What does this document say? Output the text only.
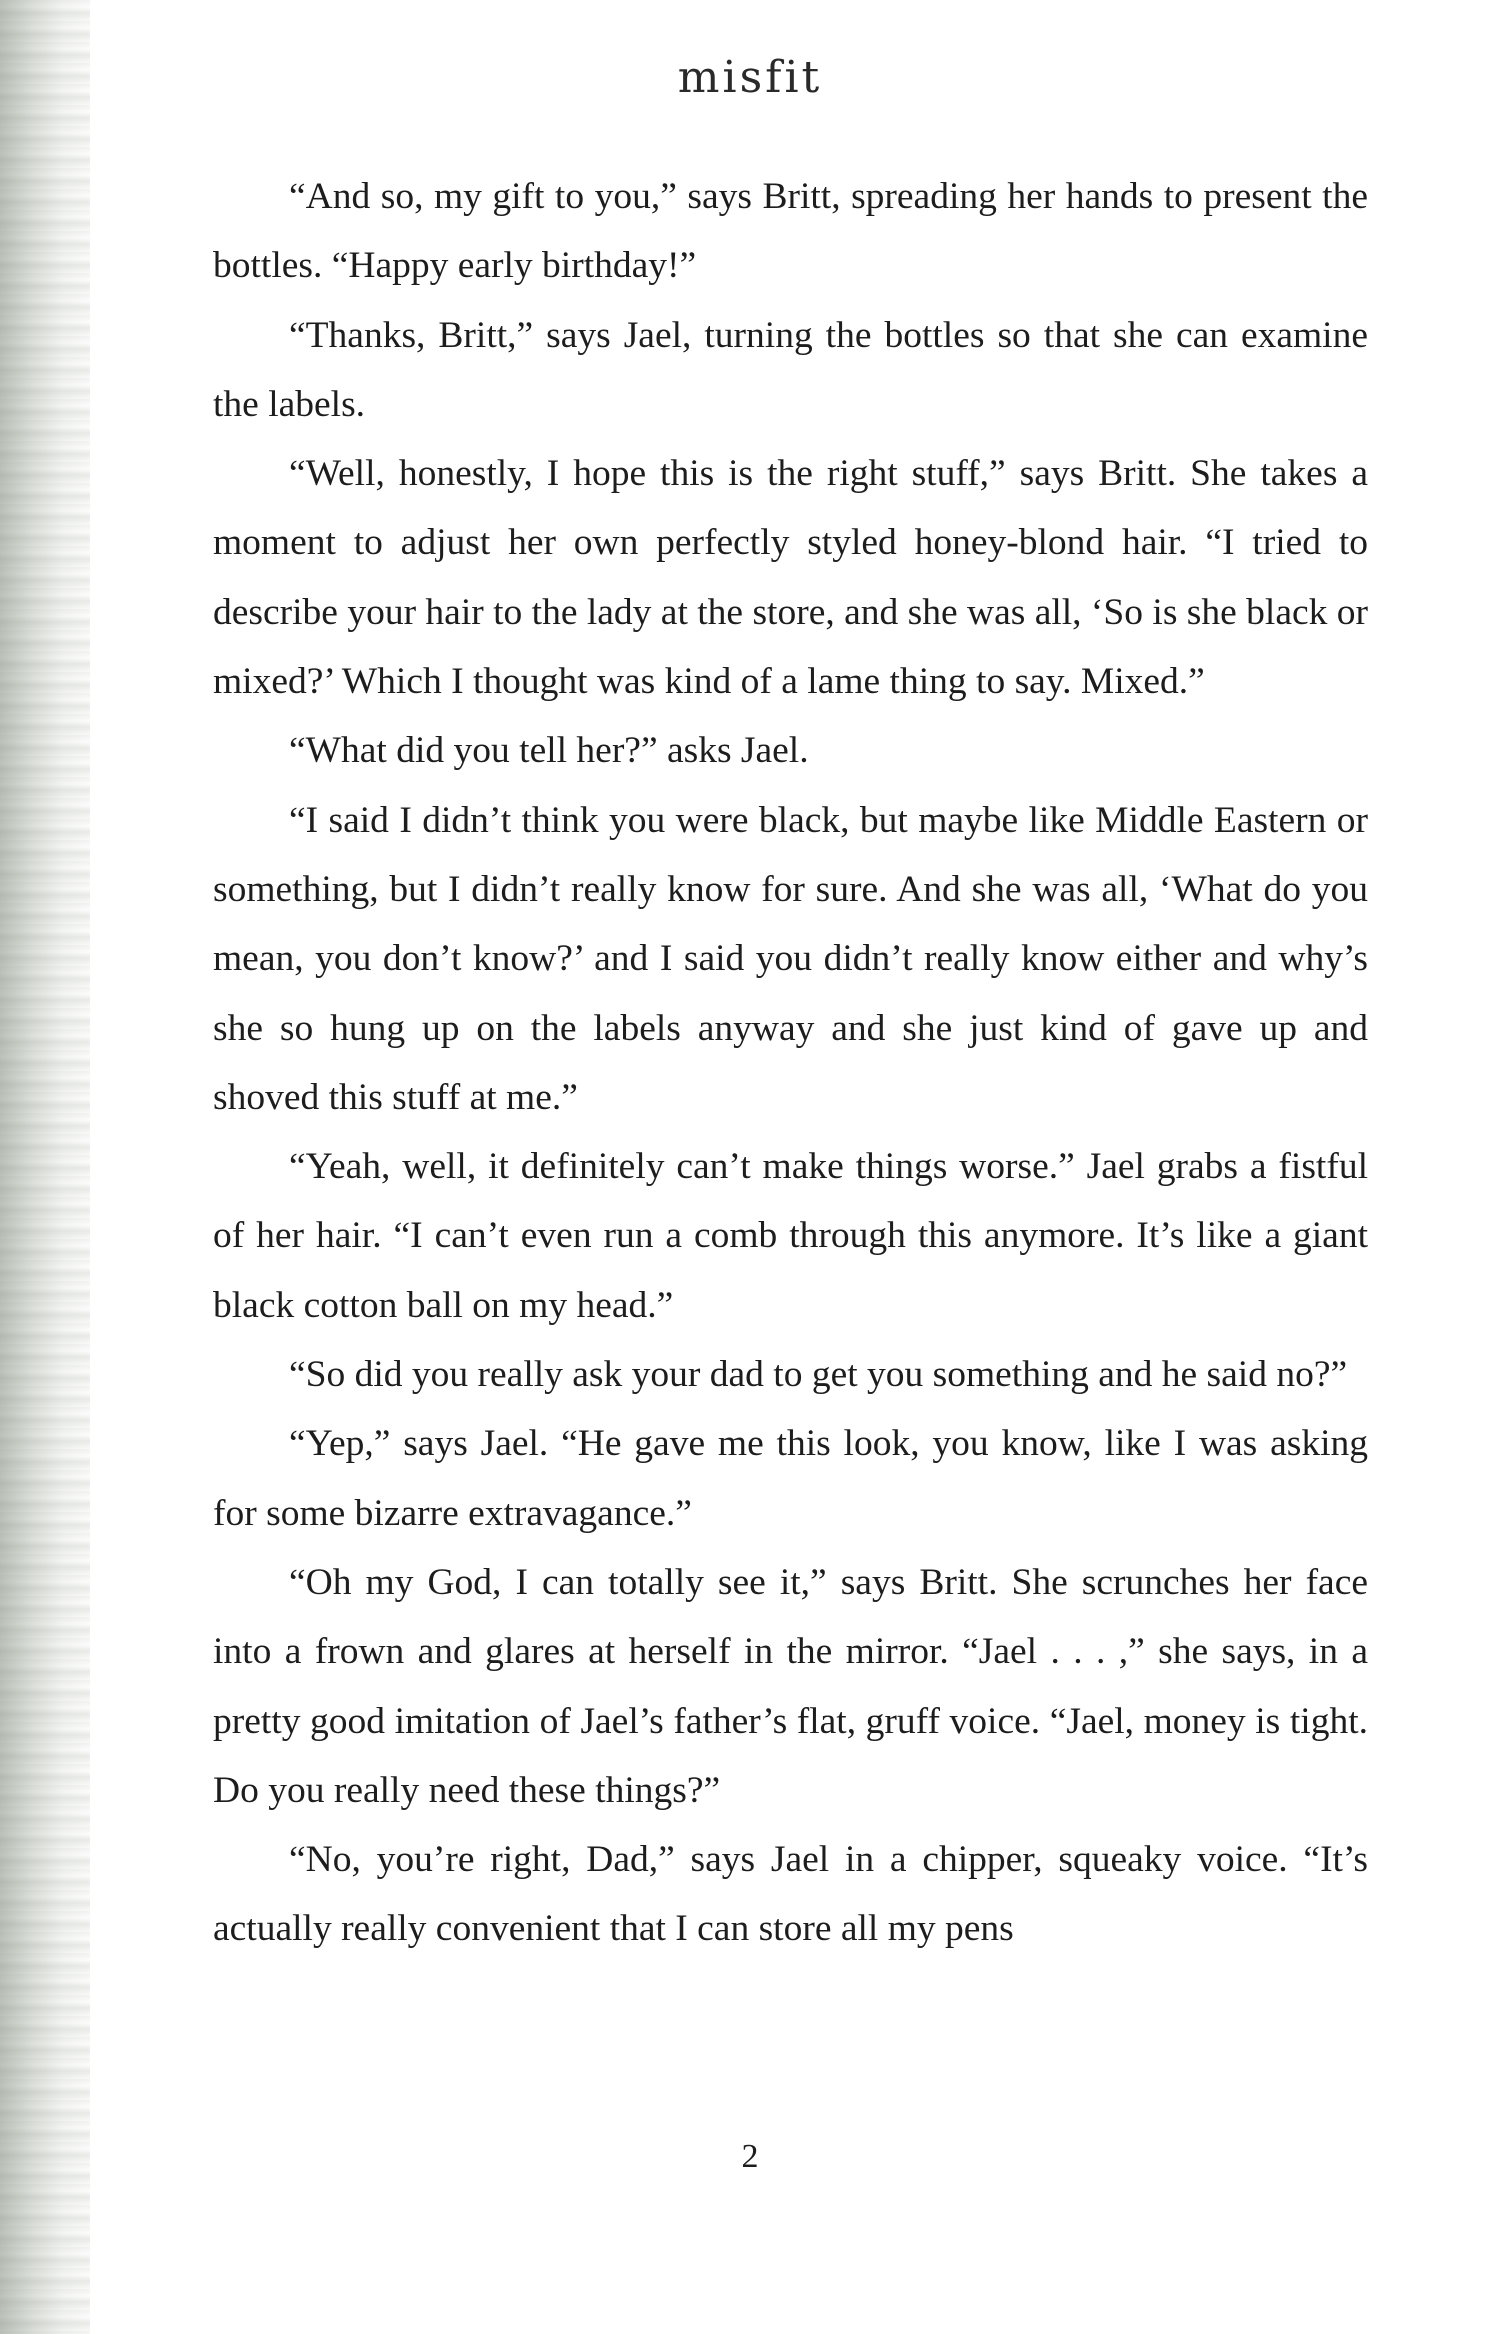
misfit

“And so, my gift to you,” says Britt, spreading her hands to present the bottles. “Happy early birthday!”

“Thanks, Britt,” says Jael, turning the bottles so that she can examine the labels.

“Well, honestly, I hope this is the right stuff,” says Britt. She takes a moment to adjust her own perfectly styled honey-blond hair. “I tried to describe your hair to the lady at the store, and she was all, ‘So is she black or mixed?’ Which I thought was kind of a lame thing to say. Mixed.”

“What did you tell her?” asks Jael.

“I said I didn’t think you were black, but maybe like Middle Eastern or something, but I didn’t really know for sure. And she was all, ‘What do you mean, you don’t know?’ and I said you didn’t really know either and why’s she so hung up on the labels anyway and she just kind of gave up and shoved this stuff at me.”

“Yeah, well, it definitely can’t make things worse.” Jael grabs a fistful of her hair. “I can’t even run a comb through this anymore. It’s like a giant black cotton ball on my head.”

“So did you really ask your dad to get you something and he said no?”

“Yep,” says Jael. “He gave me this look, you know, like I was asking for some bizarre extravagance.”

“Oh my God, I can totally see it,” says Britt. She scrunches her face into a frown and glares at herself in the mirror. “Jael . . . ,” she says, in a pretty good imitation of Jael’s father’s flat, gruff voice. “Jael, money is tight. Do you really need these things?”

“No, you’re right, Dad,” says Jael in a chipper, squeaky voice. “It’s actually really convenient that I can store all my pens

2
